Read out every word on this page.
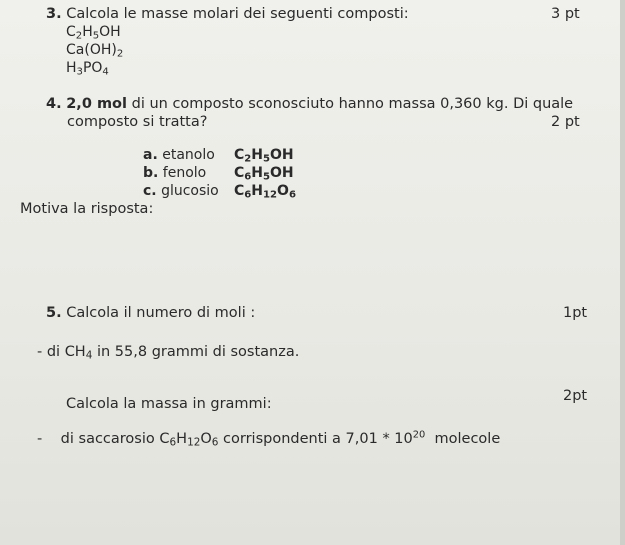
3. Calcola le masse molari dei seguenti composti:	3 pt
$C_2H_5OH$
$Ca(OH)_2$
$H_3PO_4$
4. 2,0 mol di un composto sconosciuto hanno massa 0,360 kg. Di quale
composto si tratta?	2 pt
a. etanolo $C_2H_5OH$
b. fenolo $C_6H_5OH$
c. glucosio $C_6H_{12}O_6$
Motiva la risposta:
5. Calcola il numero di moli :	1pt
- di $CH_4$ in 55,8 grammi di sostanza.
Calcola la massa in grammi:	2pt
- di saccarosio $C_6H_{12}O_6$ corrispondenti a $7,01 * 10^{20}$ molecole
